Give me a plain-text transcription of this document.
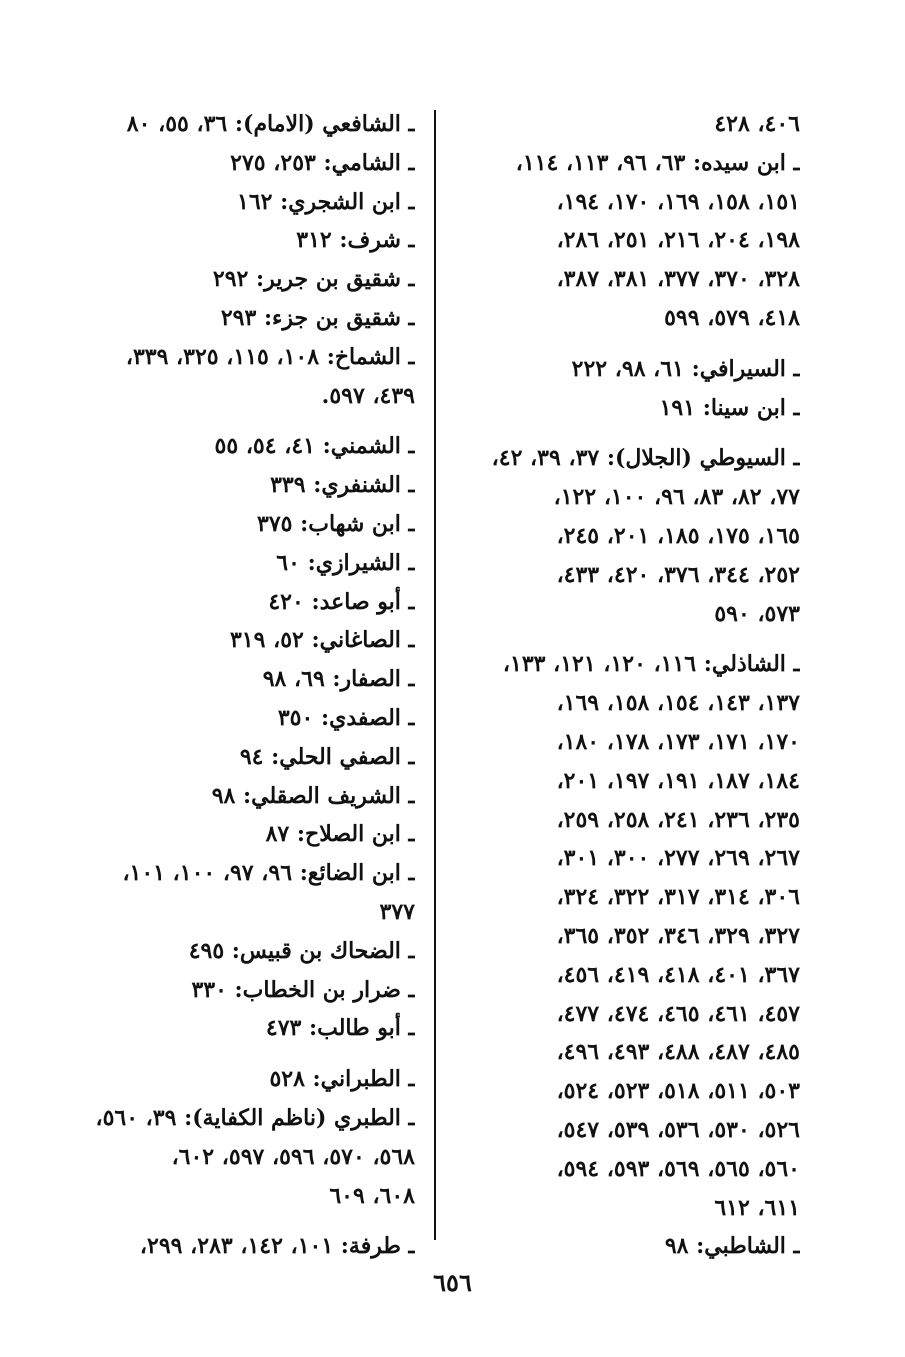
٤٠٦، ٤٢٨
ـ ابن سيده: ٦٣، ٩٦، ١١٣، ١١٤،
١٥١، ١٥٨، ١٦٩، ١٧٠، ١٩٤،
١٩٨، ٢٠٤، ٢١٦، ٢٥١، ٢٨٦،
٣٢٨، ٣٧٠، ٣٧٧، ٣٨١، ٣٨٧،
٤١٨، ٥٧٩، ٥٩٩
ـ السيرافي: ٦١، ٩٨، ٢٢٢
ـ ابن سينا: ١٩١
ـ السيوطي (الجلال): ٣٧، ٣٩، ٤٢،
٧٧، ٨٢، ٨٣، ٩٦، ١٠٠، ١٢٢،
١٦٥، ١٧٥، ١٨٥، ٢٠١، ٢٤٥،
٢٥٢، ٣٤٤، ٣٧٦، ٤٢٠، ٤٣٣،
٥٧٣، ٥٩٠
ـ الشاذلي: ١١٦، ١٢٠، ١٢١، ١٣٣،
١٣٧، ١٤٣، ١٥٤، ١٥٨، ١٦٩،
١٧٠، ١٧١، ١٧٣، ١٧٨، ١٨٠،
١٨٤، ١٨٧، ١٩١، ١٩٧، ٢٠١،
٢٣٥، ٢٣٦، ٢٤١، ٢٥٨، ٢٥٩،
٢٦٧، ٢٦٩، ٢٧٧، ٣٠٠، ٣٠١،
٣٠٦، ٣١٤، ٣١٧، ٣٢٢، ٣٢٤،
٣٢٧، ٣٢٩، ٣٤٦، ٣٥٢، ٣٦٥،
٣٦٧، ٤٠١، ٤١٨، ٤١٩، ٤٥٦،
٤٥٧، ٤٦١، ٤٦٥، ٤٧٤، ٤٧٧،
٤٨٥، ٤٨٧، ٤٨٨، ٤٩٣، ٤٩٦،
٥٠٣، ٥١١، ٥١٨، ٥٢٣، ٥٢٤،
٥٢٦، ٥٣٠، ٥٣٦، ٥٣٩، ٥٤٧،
٥٦٠، ٥٦٥، ٥٦٩، ٥٩٣، ٥٩٤،
٦١١، ٦١٢
ـ الشاطبي: ٩٨
ـ الشافعي (الامام): ٣٦، ٥٥، ٨٠
ـ الشامي: ٢٥٣، ٢٧٥
ـ ابن الشجري: ١٦٢
ـ شرف: ٣١٢
ـ شقيق بن جرير: ٢٩٢
ـ شقيق بن جزء: ٢٩٣
ـ الشماخ: ١٠٨، ١١٥، ٣٢٥، ٣٣٩،
٤٣٩، ٥٩٧.
ـ الشمني: ٤١، ٥٤، ٥٥
ـ الشنفري: ٣٣٩
ـ ابن شهاب: ٣٧٥
ـ الشيرازي: ٦٠
ـ أبو صاعد: ٤٢٠
ـ الصاغاني: ٥٢، ٣١٩
ـ الصفار: ٦٩، ٩٨
ـ الصفدي: ٣٥٠
ـ الصفي الحلي: ٩٤
ـ الشريف الصقلي: ٩٨
ـ ابن الصلاح: ٨٧
ـ ابن الضائع: ٩٦، ٩٧، ١٠٠، ١٠١،
٣٧٧
ـ الضحاك بن قبيس: ٤٩٥
ـ ضرار بن الخطاب: ٣٣٠
ـ أبو طالب: ٤٧٣
ـ الطبراني: ٥٢٨
ـ الطبري (ناظم الكفاية): ٣٩، ٥٦٠،
٥٦٨، ٥٧٠، ٥٩٦، ٥٩٧، ٦٠٢،
٦٠٨، ٦٠٩
ـ طرفة: ١٠١، ١٤٢، ٢٨٣، ٢٩٩،
٦٥٦
